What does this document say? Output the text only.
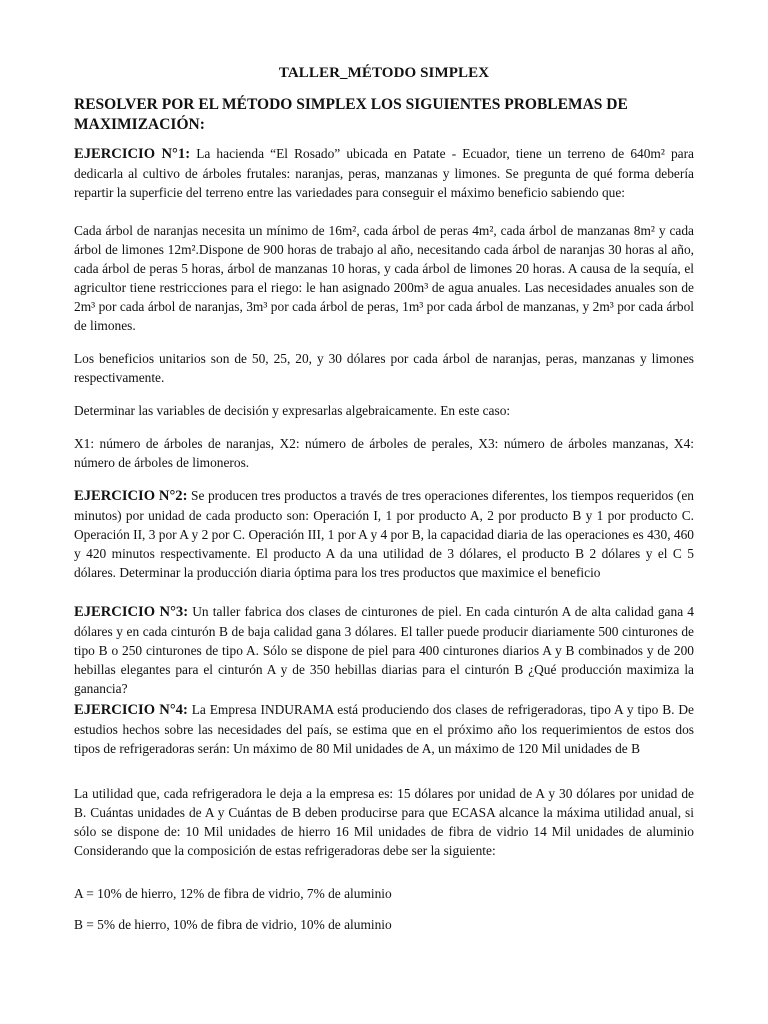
TALLER_MÉTODO SIMPLEX
RESOLVER POR EL MÉTODO SIMPLEX LOS SIGUIENTES PROBLEMAS DE MAXIMIZACIÓN:

EJERCICIO N°1: La hacienda “El Rosado” ubicada en Patate - Ecuador, tiene un terreno de 640m² para dedicarla al cultivo de árboles frutales: naranjas, peras, manzanas y limones. Se pregunta de qué forma debería repartir la superficie del terreno entre las variedades para conseguir el máximo beneficio sabiendo que:

Cada árbol de naranjas necesita un mínimo de 16m², cada árbol de peras 4m², cada árbol de manzanas 8m² y cada árbol de limones 12m².Dispone de 900 horas de trabajo al año, necesitando cada árbol de naranjas 30 horas al año, cada árbol de peras 5 horas, árbol de manzanas 10 horas, y cada árbol de limones 20 horas. A causa de la sequía, el agricultor tiene restricciones para el riego: le han asignado 200m³ de agua anuales. Las necesidades anuales son de 2m³ por cada árbol de naranjas, 3m³ por cada árbol de peras, 1m³ por cada árbol de manzanas, y 2m³ por cada árbol de limones.

Los beneficios unitarios son de 50, 25, 20, y 30 dólares por cada árbol de naranjas, peras, manzanas y limones respectivamente.

Determinar las variables de decisión y expresarlas algebraicamente. En este caso:

X1: número de árboles de naranjas, X2: número de árboles de perales, X3: número de árboles manzanas, X4: número de árboles de limoneros.

EJERCICIO N°2: Se producen tres productos a través de tres operaciones diferentes, los tiempos requeridos (en minutos) por unidad de cada producto son: Operación I, 1 por producto A, 2 por producto B y 1 por producto C. Operación II, 3 por A y 2 por C. Operación III, 1 por A y 4 por B, la capacidad diaria de las operaciones es 430, 460 y 420 minutos respectivamente. El producto A da una utilidad de 3 dólares, el producto B 2 dólares y el C 5 dólares. Determinar la producción diaria óptima para los tres productos que maximice el beneficio

EJERCICIO N°3: Un taller fabrica dos clases de cinturones de piel. En cada cinturón A de alta calidad gana 4 dólares y en cada cinturón B de baja calidad gana 3 dólares. El taller puede producir diariamente 500 cinturones de tipo B o 250 cinturones de tipo A. Sólo se dispone de piel para 400 cinturones diarios A y B combinados y de 200 hebillas elegantes para el cinturón A y de 350 hebillas diarias para el cinturón B ¿Qué producción maximiza la ganancia?

EJERCICIO N°4: La Empresa INDURAMA está produciendo dos clases de refrigeradoras, tipo A y tipo B. De estudios hechos sobre las necesidades del país, se estima que en el próximo año los requerimientos de estos dos tipos de refrigeradoras serán: Un máximo de 80 Mil unidades de A, un máximo de 120 Mil unidades de B

La utilidad que, cada refrigeradora le deja a la empresa es: 15 dólares por unidad de A y 30 dólares por unidad de B. Cuántas unidades de A y Cuántas de B deben producirse para que ECASA alcance la máxima utilidad anual, si sólo se dispone de: 10 Mil unidades de hierro 16 Mil unidades de fibra de vidrio 14 Mil unidades de aluminio Considerando que la composición de estas refrigeradoras debe ser la siguiente:

A = 10% de hierro, 12% de fibra de vidrio, 7% de aluminio

B = 5% de hierro, 10% de fibra de vidrio, 10% de aluminio
